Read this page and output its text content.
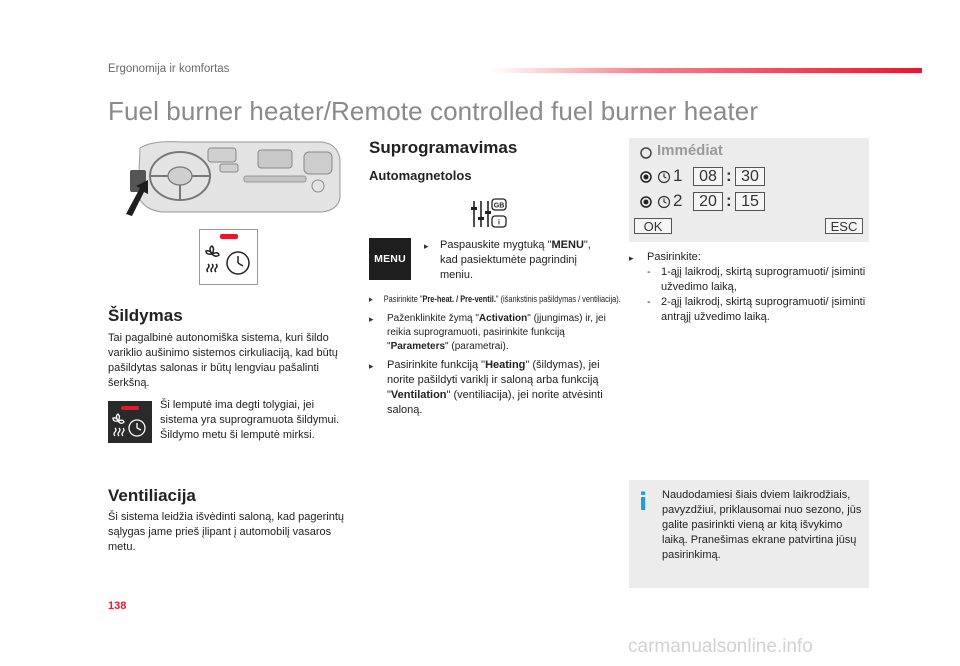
Ergonomija ir komfortas
Fuel burner heater/Remote controlled fuel burner heater
Šildymas
Tai pagalbinė autonomiška sistema, kuri šildo variklio aušinimo sistemos cirkuliaciją, kad būtų pašildytas salonas ir būtų lengviau pašalinti šerkšną.
Ši lemputė ima degti tolygiai, jei sistema yra suprogramuota šildymui. Šildymo metu ši lemputė mirksi.
Ventiliacija
Ši sistema leidžia išvėdinti saloną, kad pagerintų sąlygas jame prieš įlipant į automobilį vasaros metu.
Suprogramavimas
Automagnetolos
GB
i
MENU
▸ Paspauskite mygtuką "MENU", kad pasiektumėte pagrindinį meniu.
▸ Pasirinkite "Pre-heat. / Pre-ventil." (išankstinis pašildymas / ventiliacija).
▸ Paženklinkite žymą "Activation" (įjungimas) ir, jei reikia suprogramuoti, pasirinkite funkciją "Parameters" (parametrai).
▸ Pasirinkite funkciją "Heating" (šildymas), jei norite pašildyti variklį ir saloną arba funkciją "Ventilation" (ventiliacija), jei norite atvėsinti saloną.
Immédiat
1	08 : 30
2	20 : 15
OK	ESC
▸ Pasirinkite:
- 1-ąjį laikrodį, skirtą suprogramuoti/ įsiminti užvedimo laiką,
- 2-ąjį laikrodį, skirtą suprogramuoti/ įsiminti antrąjį užvedimo laiką.
i Naudodamiesi šiais dviem laikrodžiais, pavyzdžiui, priklausomai nuo sezono, jūs galite pasirinkti vieną ar kitą išvykimo laiką. Pranešimas ekrane patvirtina jūsų pasirinkimą.
138
carmanualsonline.info
